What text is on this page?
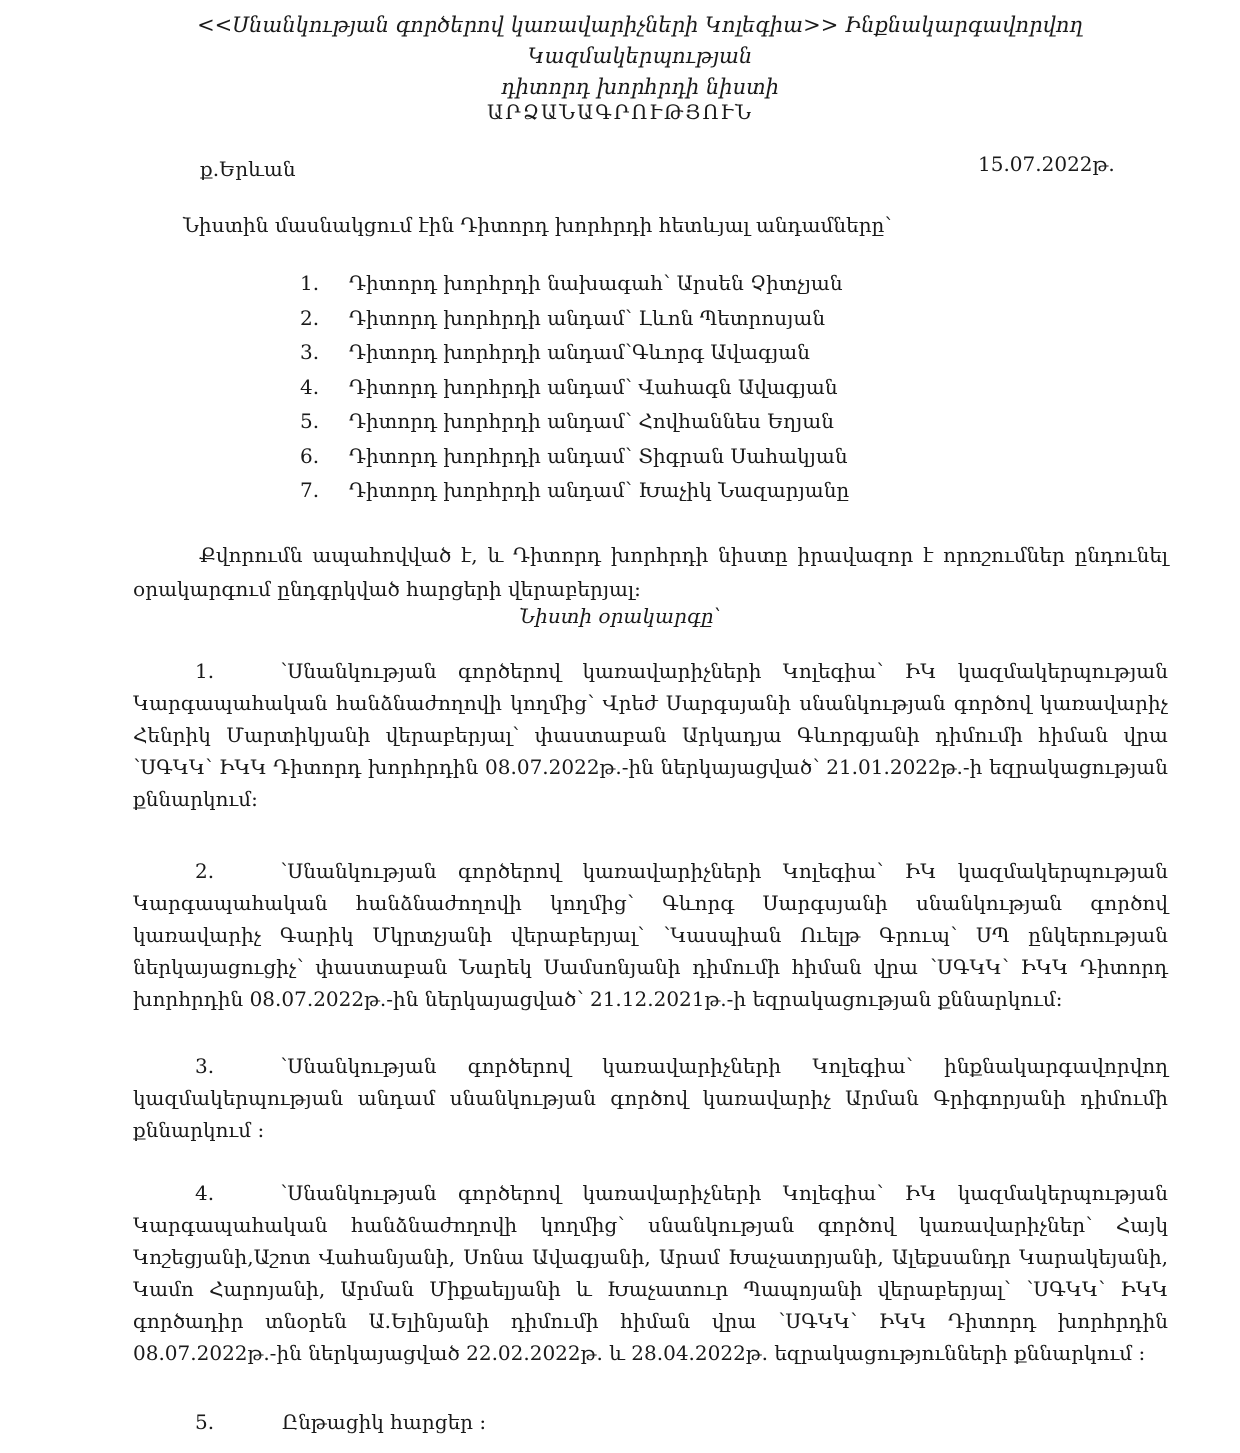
<<Սնանկության գործերով կառավարիչների Կոլեգիա>> Ինքնակարգավորվող Կազմակերպության
դիտորդ խորհրդի նիստի
ԱՐՁԱՆԱԳՐՈՒԹՅՈՒՆ
ք.Երևան	15.07.2022թ.
Նիստին մասնակցում էին Դիտորդ խորհրդի հետևյալ անդամները՝
1. Դիտորդ խորհրդի նախագահ՝ Արսեն Չիտչյան
2. Դիտորդ խորհրդի անդամ՝ Լևոն Պետրոսյան
3. Դիտորդ խորհրդի անդամ՝Գևորգ Ավագյան
4. Դիտորդ խորհրդի անդամ՝ Վահագն Ավագյան
5. Դիտորդ խորհրդի անդամ՝ Հովհաննես Եղյան
6. Դիտորդ խորհրդի անդամ՝ Տիգրան Սահակյան
7. Դիտորդ խորհրդի անդամ՝ Խաչիկ Նազարյանը

Քվորումն ապահովված է, և Դիտորդ խորհրդի նիստը իրավազոր է որոշումներ ընդունել օրակարգում ընդգրկված հարցերի վերաբերյալ:

Նիստի օրակարգը՝

1.	՝Սնանկության գործերով կառավարիչների Կոլեգիա՝ ԻԿ կազմակերպության Կարգապահական հանձնաժողովի կողմից՝ Վրեժ Սարգսյանի սնանկության գործով կառավարիչ Հենրիկ Մարտիկյանի վերաբերյալ՝ փաստաբան Արկադյա Գևորգյանի դիմումի հիման վրա ՝ՍԳԿԿ՝ ԻԿԿ Դիտորդ խորհրդին 08.07.2022թ.-ին ներկայացված՝ 21.01.2022թ.-ի եզրակացության քննարկում:

2.	՝Սնանկության գործերով կառավարիչների Կոլեգիա՝ ԻԿ կազմակերպության Կարգապահական հանձնաժողովի կողմից՝ Գևորգ Սարգսյանի սնանկության գործով կառավարիչ Գարիկ Մկրտչյանի վերաբերյալ՝ ՝Կասպիան Ուելթ Գրուպ՝ ՍՊ ընկերության ներկայացուցիչ՝ փաստաբան Նարեկ Սամսոնյանի դիմումի հիման վրա ՝ՍԳԿԿ՝ ԻԿԿ Դիտորդ խորհրդին 08.07.2022թ.-ին ներկայացված՝ 21.12.2021թ.-ի եզրակացության քննարկում:

3.	՝Սնանկության գործերով կառավարիչների Կոլեգիա՝ ինքնակարգավորվող կազմակերպության անդամ սնանկության գործով կառավարիչ Արման Գրիգորյանի դիմումի քննարկում :

4.	՝Սնանկության գործերով կառավարիչների Կոլեգիա՝ ԻԿ կազմակերպության Կարգապահական հանձնաժողովի կողմից՝ սնանկության գործով կառավարիչներ՝ Հայկ Կոշեցյանի,Աշոտ Վահանյանի, Սոնա Ավագյանի, Արամ Խաչատրյանի, Ալեքսանդր Կարակեյանի, Կամո Հարոյանի, Արման Միքաելյանի և Խաչատուր Պապոյանի վերաբերյալ՝ ՝ՍԳԿԿ՝ ԻԿԿ գործադիր տնօրեն Ա.Ելինյանի դիմումի հիման վրա ՝ՍԳԿԿ՝ ԻԿԿ Դիտորդ խորհրդին 08.07.2022թ.-ին ներկայացված 22.02.2022թ. և 28.04.2022թ. եզրակացությունների քննարկում :

5.	Ընթացիկ հարցեր :
